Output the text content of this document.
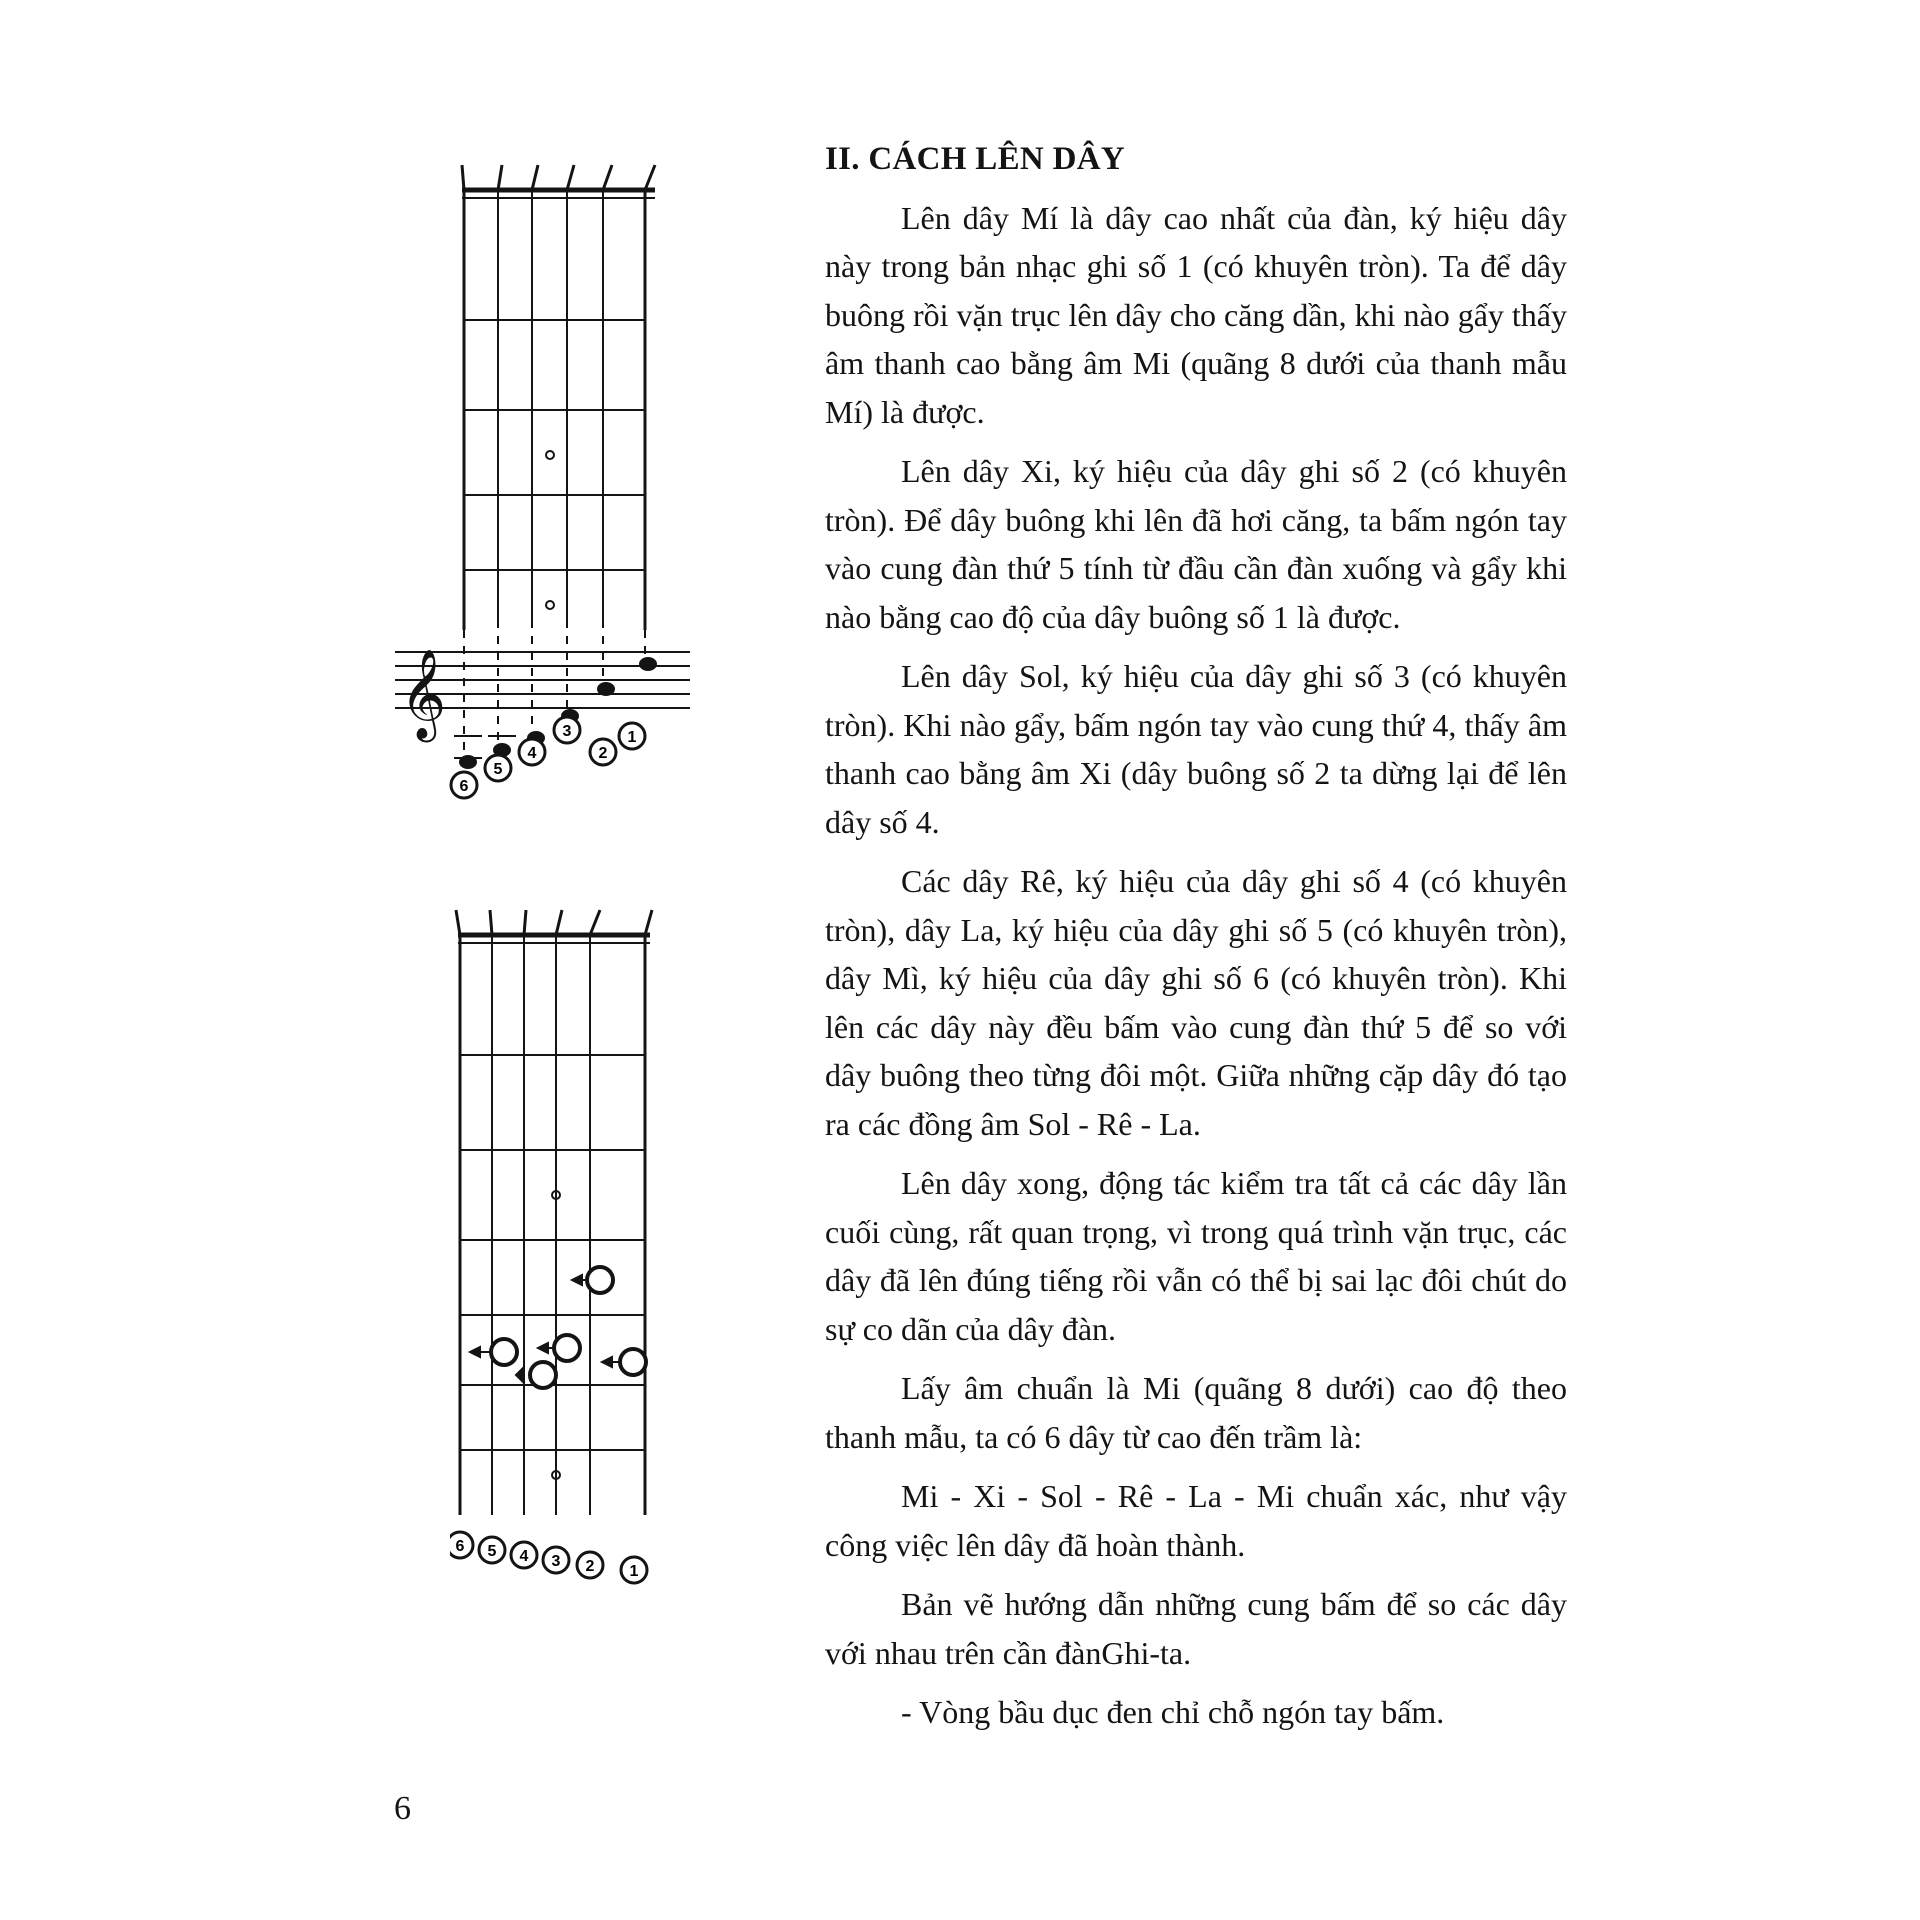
𝄞
6
5
4
3
2
1
6 5 4 3 2 1
II. CÁCH LÊN DÂY

Lên dây Mí là dây cao nhất của đàn, ký hiệu dây này trong bản nhạc ghi số 1 (có khuyên tròn). Ta để dây buông rồi vặn trục lên dây cho căng dần, khi nào gẩy thấy âm thanh cao bằng âm Mi (quãng 8 dưới của thanh mẫu Mí) là được.

Lên dây Xi, ký hiệu của dây ghi số 2 (có khuyên tròn). Để dây buông khi lên đã hơi căng, ta bấm ngón tay vào cung đàn thứ 5 tính từ đầu cần đàn xuống và gẩy khi nào bằng cao độ của dây buông số 1 là được.

Lên dây Sol, ký hiệu của dây ghi số 3 (có khuyên tròn). Khi nào gẩy, bấm ngón tay vào cung thứ 4, thấy âm thanh cao bằng âm Xi (dây buông số 2 ta dừng lại để lên dây số 4.

Các dây Rê, ký hiệu của dây ghi số 4 (có khuyên tròn), dây La, ký hiệu của dây ghi số 5 (có khuyên tròn), dây Mì, ký hiệu của dây ghi số 6 (có khuyên tròn). Khi lên các dây này đều bấm vào cung đàn thứ 5 để so với dây buông theo từng đôi một. Giữa những cặp dây đó tạo ra các đồng âm Sol - Rê - La.

Lên dây xong, động tác kiểm tra tất cả các dây lần cuối cùng, rất quan trọng, vì trong quá trình vặn trục, các dây đã lên đúng tiếng rồi vẫn có thể bị sai lạc đôi chút do sự co dãn của dây đàn.

Lấy âm chuẩn là Mi (quãng 8 dưới) cao độ theo thanh mẫu, ta có 6 dây từ cao đến trầm là:

Mi - Xi - Sol - Rê - La - Mi chuẩn xác, như vậy công việc lên dây đã hoàn thành.

Bản vẽ hướng dẫn những cung bấm để so các dây với nhau trên cần đànGhi-ta.

- Vòng bầu dục đen chỉ chỗ ngón tay bấm.

6
